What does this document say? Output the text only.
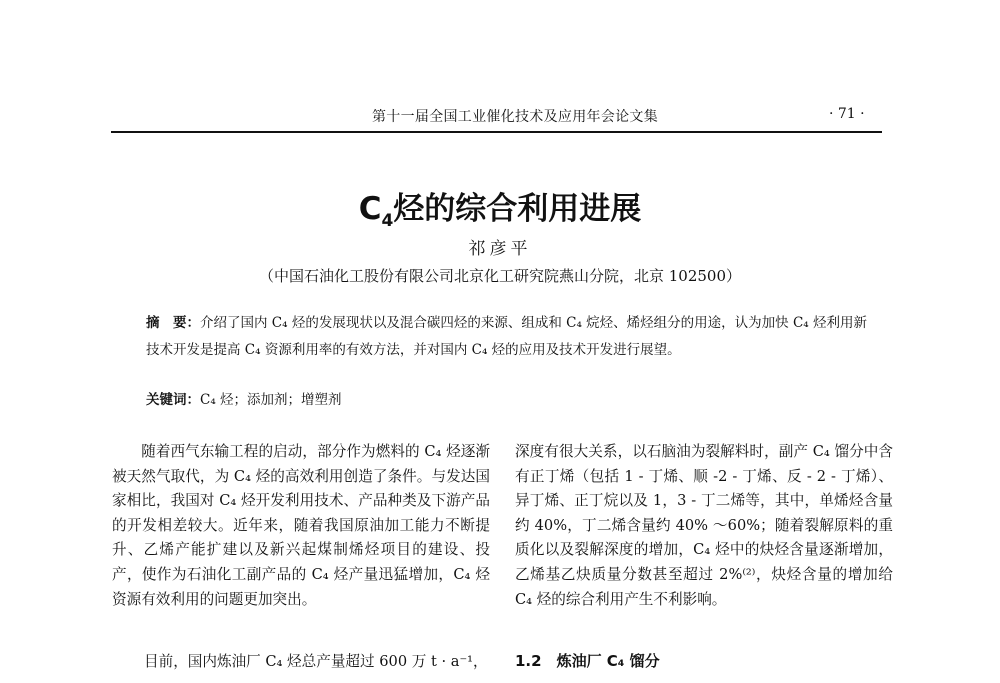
第十一届全国工业催化技术及应用年会论文集	· 71 ·
$C_4$烃的综合利用进展
祁彦平
（中国石油化工股份有限公司北京化工研究院燕山分院，北京 102500）
摘　要：介绍了国内 C₄ 烃的发展现状以及混合碳四烃的来源、组成和 C₄ 烷烃、烯烃组分的用途，认为加快 C₄ 烃利用新技术开发是提高 C₄ 资源利用率的有效方法，并对国内 C₄ 烃的应用及技术开发进行展望。
关键词：C₄ 烃；添加剂；增塑剂

随着西气东输工程的启动，部分作为燃料的 C₄ 烃逐渐被天然气取代，为 C₄ 烃的高效利用创造了条件。与发达国家相比，我国对 C₄ 烃开发利用技术、产品种类及下游产品的开发相差较大。近年来，随着我国原油加工能力不断提升、乙烯产能扩建以及新兴起煤制烯烃项目的建设、投产，使作为石油化工副产品的 C₄ 烃产量迅猛增加，C₄ 烃资源有效利用的问题更加突出。

目前，国内炼油厂 C₄ 烃总产量超过 600 万 t · a⁻¹，

深度有很大关系，以石脑油为裂解料时，副产 C₄ 馏分中含有正丁烯（包括 1 - 丁烯、顺 -2 - 丁烯、反 - 2 - 丁烯）、异丁烯、正丁烷以及 1，3 - 丁二烯等，其中，单烯烃含量约 40%，丁二烯含量约 40% ～60%；随着裂解原料的重质化以及裂解深度的增加，C₄ 烃中的炔烃含量逐渐增加，乙烯基乙炔质量分数甚至超过 2%⁽²⁾，炔烃含量的增加给 C₄ 烃的综合利用产生不利影响。

1.2　炼油厂 C₄ 馏分
